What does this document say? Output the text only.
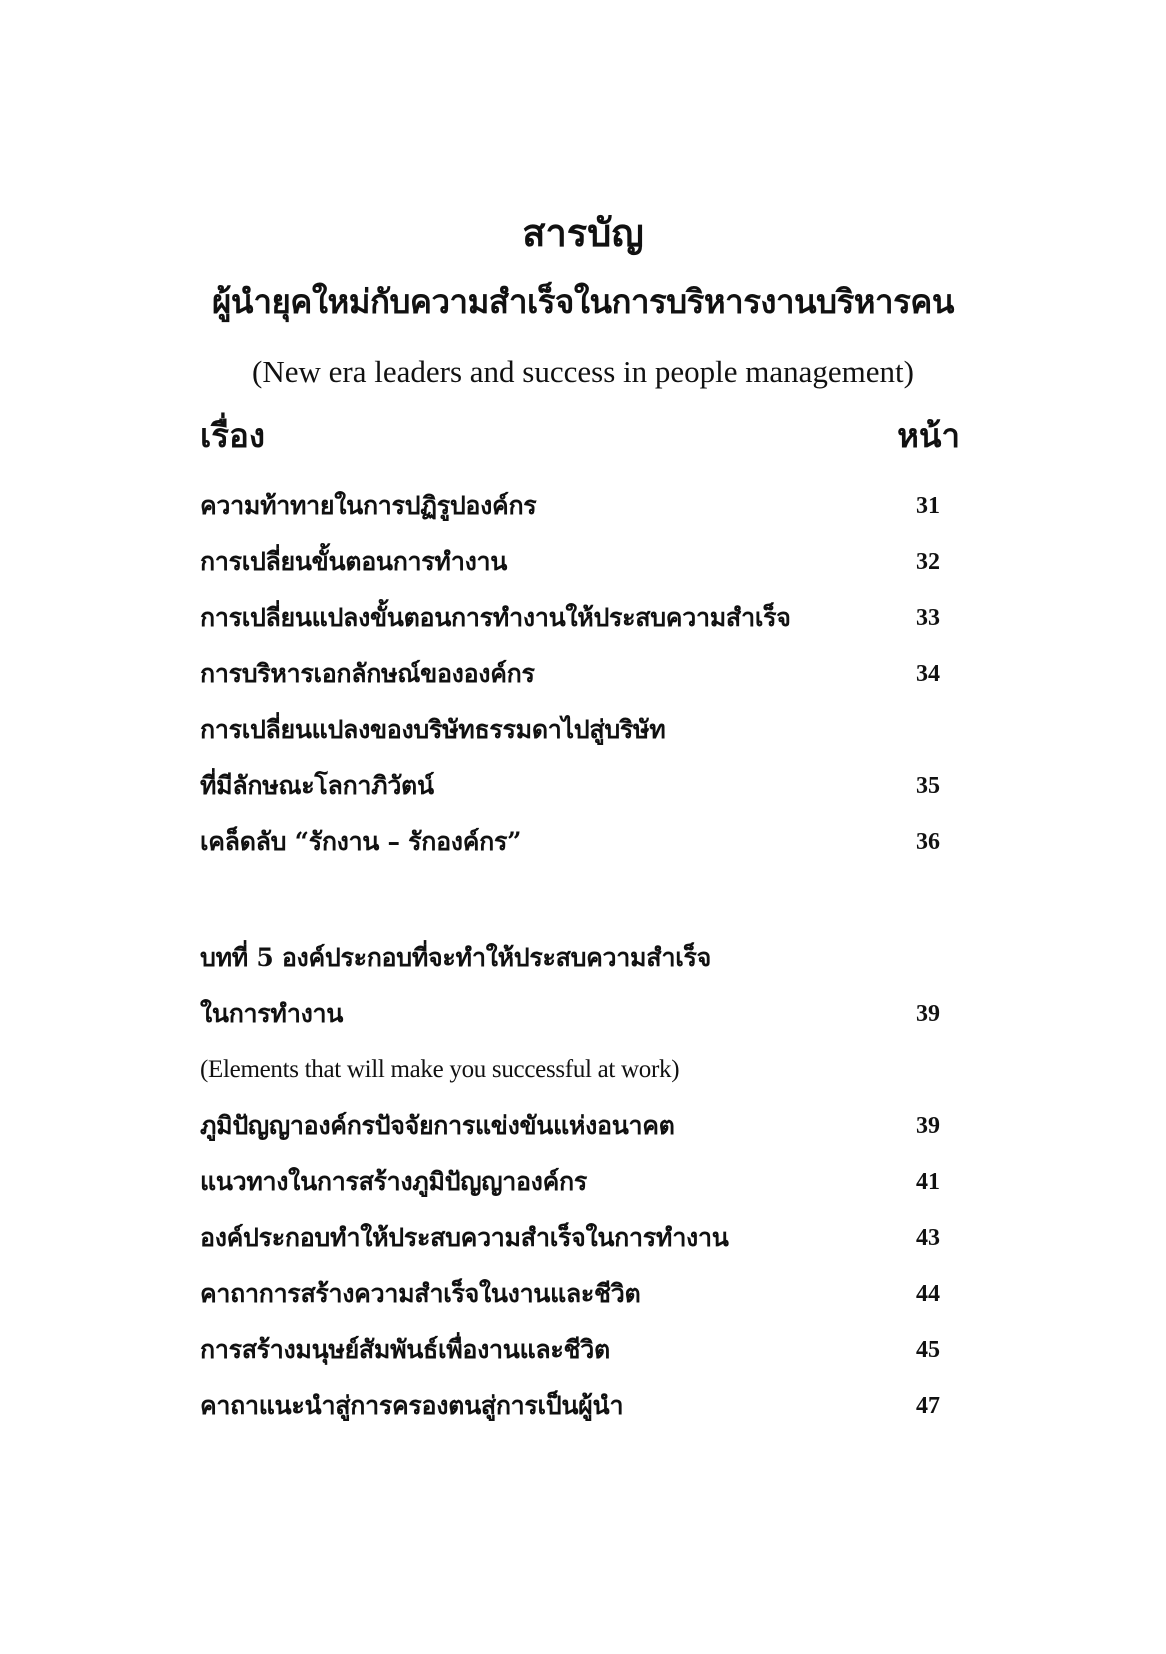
สารบัญ
ผู้นำยุคใหม่กับความสำเร็จในการบริหารงานบริหารคน
(New era leaders and success in people management)
เรื่อง	หน้า
ความท้าทายในการปฏิรูปองค์กร	31
การเปลี่ยนขั้นตอนการทำงาน	32
การเปลี่ยนแปลงขั้นตอนการทำงานให้ประสบความสำเร็จ	33
การบริหารเอกลักษณ์ขององค์กร	34
การเปลี่ยนแปลงของบริษัทธรรมดาไปสู่บริษัท
ที่มีลักษณะโลกาภิวัตน์	35
เคล็ดลับ “รักงาน – รักองค์กร”	36
บทที่ 5 องค์ประกอบที่จะทำให้ประสบความสำเร็จ
ในการทำงาน	39
(Elements that will make you successful at work)
ภูมิปัญญาองค์กรปัจจัยการแข่งขันแห่งอนาคต	39
แนวทางในการสร้างภูมิปัญญาองค์กร	41
องค์ประกอบทำให้ประสบความสำเร็จในการทำงาน	43
คาถาการสร้างความสำเร็จในงานและชีวิต	44
การสร้างมนุษย์สัมพันธ์เพื่องานและชีวิต	45
คาถาแนะนำสู่การครองตนสู่การเป็นผู้นำ	47
